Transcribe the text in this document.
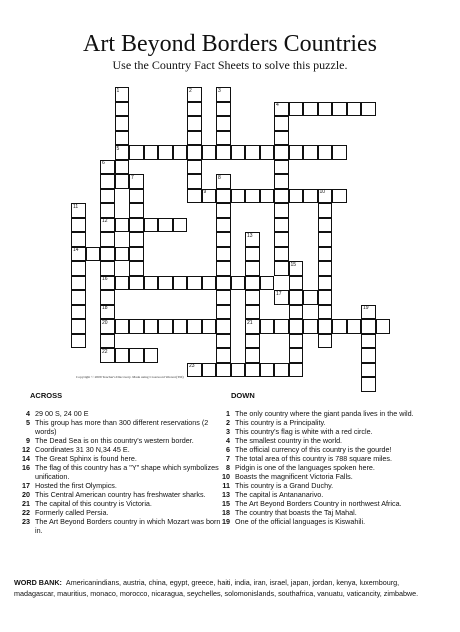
Art Beyond Borders Countries
Use the Country Fact Sheets to solve this puzzle.
4
5
9	10
12
14
16
17
20	21
22
23
1	2	3
6
18
7	8
11
13
15
19
Copyright © 2009 Teacher's Discovery. Made using Crossword Weaver(TM)
ACROSS
4 29 00 S, 24 00 E
5 This group has more than 300 different reservations (2 words)
9 The Dead Sea is on this country's western border.
12 Coordinates 31 30 N,34 45 E.
14 The Great Sphinx is found here.
16 The flag of this country has a "Y" shape which symbolizes unification.
17 Hosted the first Olympics.
20 This Central American country has freshwater sharks.
21 The capital of this country is Victoria.
22 Formerly called Persia.
23 The Art Beyond Borders country in which Mozart was born in.
DOWN
1 The only country where the giant panda lives in the wild.
2 This country is a Principality.
3 This country's flag is white with a red circle.
4 The smallest country in the world.
6 The official currency of this country is the gourde!
7 The total area of this country is 788 square miles.
8 Pidgin is one of the languages spoken here.
10 Boasts the magnificent Victoria Falls.
11 This country is a Grand Duchy.
13 The capital is Antananarivo.
15 The Art Beyond Borders Country in northwest Africa.
18 The country that boasts the Taj Mahal.
19 One of the official languages is Kiswahili.
WORD BANK: Americanindians, austria, china, egypt, greece, haiti, india, iran, israel, japan, jordan, kenya, luxembourg, madagascar, mauritius, monaco, morocco, nicaragua, seychelles, solomonislands, southafrica, vanuatu, vaticancity, zimbabwe.
